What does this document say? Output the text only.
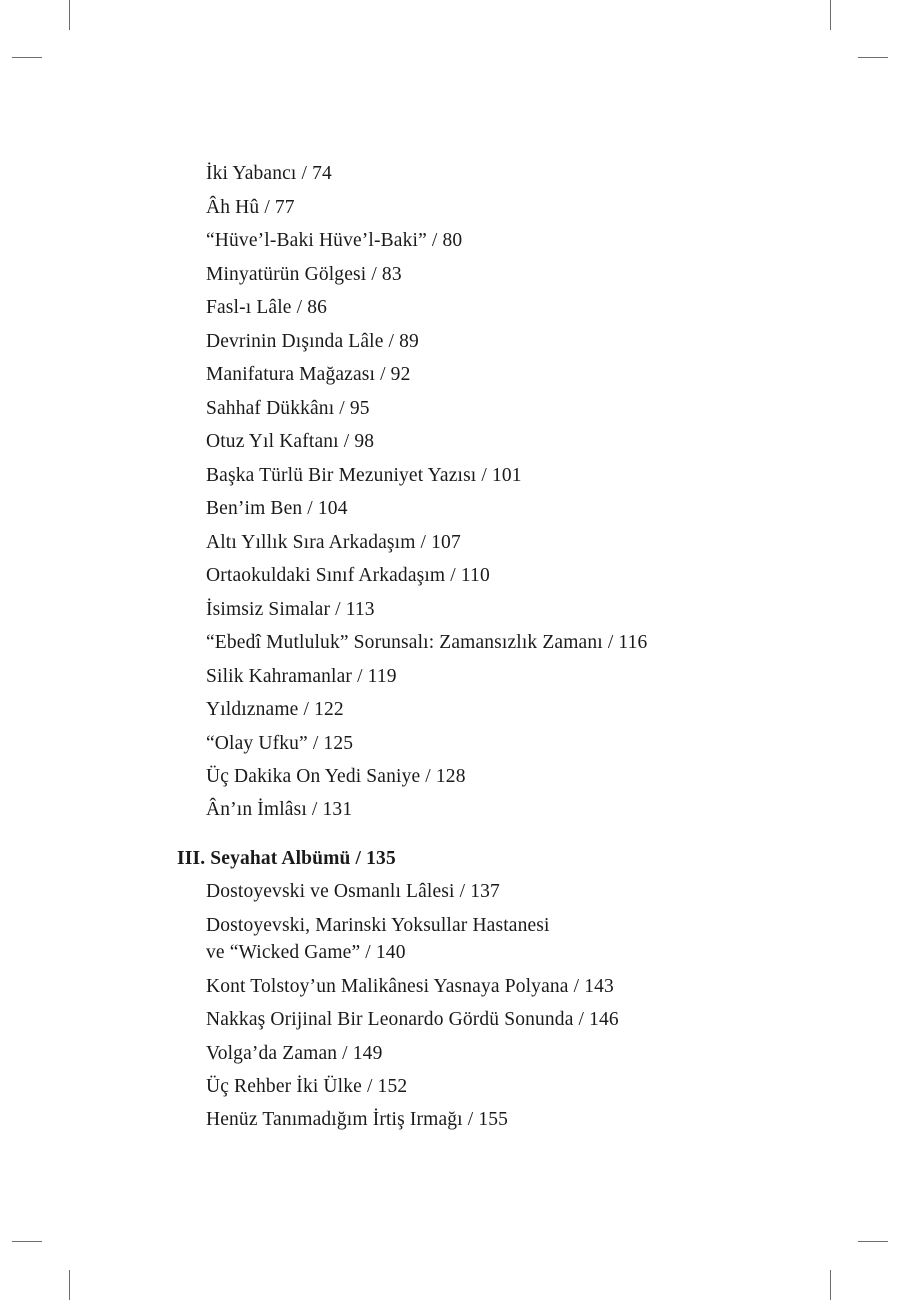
İki Yabancı / 74
Âh Hû / 77
“Hüve’l-Baki Hüve’l-Baki” / 80
Minyatürün Gölgesi / 83
Fasl-ı Lâle / 86
Devrinin Dışında Lâle / 89
Manifatura Mağazası / 92
Sahhaf Dükkânı / 95
Otuz Yıl Kaftanı / 98
Başka Türlü Bir Mezuniyet Yazısı / 101
Ben’im Ben / 104
Altı Yıllık Sıra Arkadaşım / 107
Ortaokuldaki Sınıf Arkadaşım / 110
İsimsiz Simalar / 113
“Ebedî Mutluluk” Sorunsalı: Zamansızlık Zamanı / 116
Silik Kahramanlar / 119
Yıldızname / 122
“Olay Ufku” / 125
Üç Dakika On Yedi Saniye / 128
Ân’ın İmlâsı / 131
III. Seyahat Albümü / 135
Dostoyevski ve Osmanlı Lâlesi / 137
Dostoyevski, Marinski Yoksullar Hastanesi
ve “Wicked Game” / 140
Kont Tolstoy’un Malikânesi Yasnaya Polyana / 143
Nakkaş Orijinal Bir Leonardo Gördü Sonunda / 146
Volga’da Zaman / 149
Üç Rehber İki Ülke / 152
Henüz Tanımadığım İrtiş Irmağı / 155
